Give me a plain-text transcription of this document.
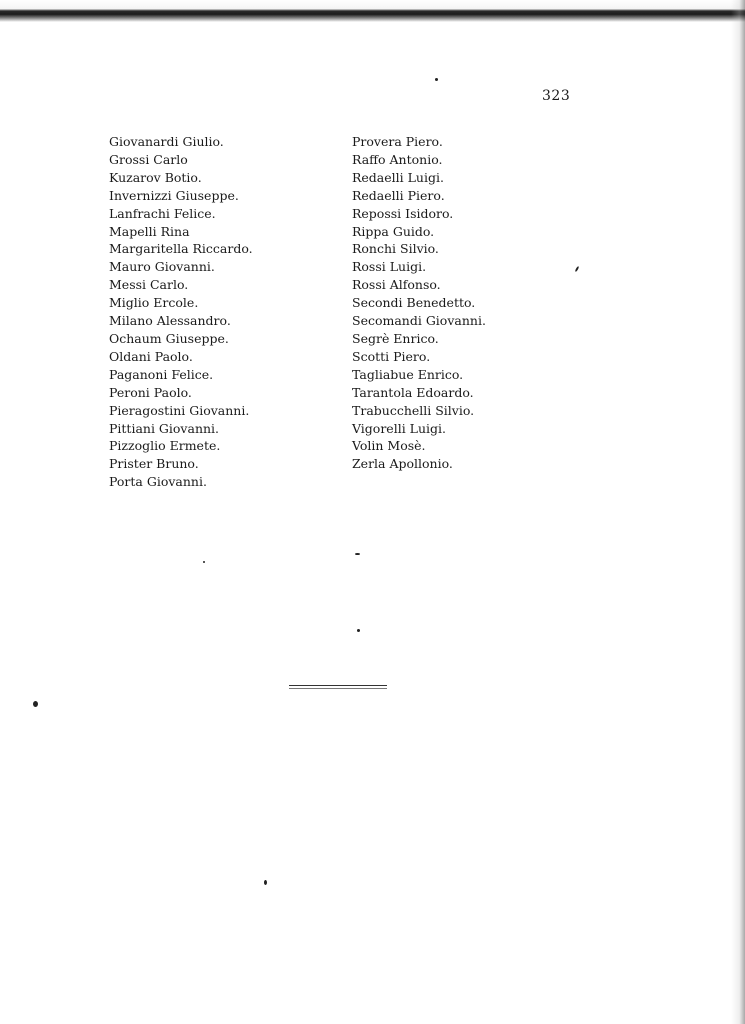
323
Giovanardi Giulio.
Grossi Carlo
Kuzarov Botio.
Invernizzi Giuseppe.
Lanfrachi Felice.
Mapelli Rina
Margaritella Riccardo.
Mauro Giovanni.
Messi Carlo.
Miglio Ercole.
Milano Alessandro.
Ochaum Giuseppe.
Oldani Paolo.
Paganoni Felice.
Peroni Paolo.
Pieragostini Giovanni.
Pittiani Giovanni.
Pizzoglio Ermete.
Prister Bruno.
Porta Giovanni.
Provera Piero.
Raffo Antonio.
Redaelli Luigi.
Redaelli Piero.
Repossi Isidoro.
Rippa Guido.
Ronchi Silvio.
Rossi Luigi.
Rossi Alfonso.
Secondi Benedetto.
Secomandi Giovanni.
Segrè Enrico.
Scotti Piero.
Tagliabue Enrico.
Tarantola Edoardo.
Trabucchelli Silvio.
Vigorelli Luigi.
Volin Mosè.
Zerla Apollonio.
